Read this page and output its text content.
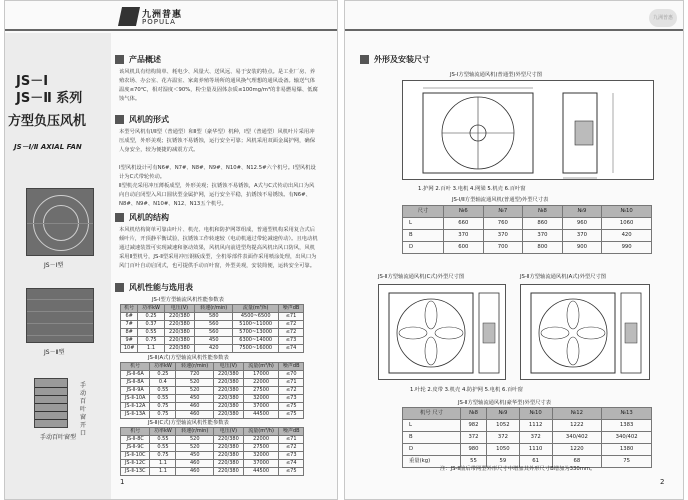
九洲普惠
POPULA
JS－Ⅰ
JS－Ⅱ 系列
方型负压风机
JS－Ⅰ/Ⅱ AXIAL FAN
JS－Ⅰ型
JS－Ⅱ型
手动百叶窗开口
手动百叶窗型
产品概述
该风机具有结构简单、耗电少、风量大、送风远、易于安装的特点。是工业厂房、养殖农场、办公室、花卉温室、家禽养殖等场所的通风换气理想的通风设备。输送气体温度≤70℃，相对湿度＜90%，粉尘量及固体杂质≤100mg/m³的非易燃易爆、低腐蚀气体。
风机的形式
本型号风机有Ⅰ/Ⅱ型（普通型）和Ⅱ型（豪华型）机种，Ⅰ型（普通型）风机叶片采用冲压成型，外形美观；抗锈蚀不易锈蚀，运行安全可靠；风机采用双面金属护网，确保人身安全，较为便捷的减震方式。
Ⅰ型风机设计可有N6#、N7#、N8#、N9#、N10#、N12.5#六个机号。Ⅰ型风机设计为C式带轮传动。
Ⅱ型机壳采用冲压薄板成型，外形美观；抗锈蚀不易锈蚀，A式与C式传动出风口为风向自动启闭型入风口圆状型金属护网，运行安全平稳，抗锈蚀不易锈蚀。有N6#、N8#、N9#、N10#、N12、N13五个机号。
风机的结构
本风机结构简单可靠由叶片、机壳、电机和防护网罩组成，普通型机构采用复合式后倾叶片，开顶静平衡试验，抗锈蚀工作转速较（电动机通过带轮减速传动）。且电动机通过减速装置可实现减速和驱动效果，风机风向前进型均提高风机出风口防风，风机采用Ⅱ型机号，JS-Ⅱ型采用冲压钢板成型，全机零部件表面作采用喷涂处理，出风口为风门百叶自动启闭式，也可提供手动百叶窗，外型美观，安装简便，运转安全可靠。
风机性能与选用表
JS-Ⅰ型方型轴流风机性能参数表
机号	功率kW	电压(V)	转速(r/min)	流量(m³/h)	噪声dB
6#	0.25	220/380	580	4500~6500	≤71
7#	0.37	220/380	560	5100~11000	≤72
8#	0.55	220/380	560	5700~13000	≤72
9#	0.75	220/380	450	6300~14000	≤73
10#	1.1	220/380	420	7500~16000	≤74
JS-Ⅱ(A式)方型轴流风机性能参数表
机号	功率kW	转速(r/min)	电压(V)	流量(m³/h)	噪声dB
JS-Ⅱ-6A	0.25	720	220/380	17000	≤70
JS-Ⅱ-8A	0.4	520	220/380	22000	≤71
JS-Ⅱ-9A	0.55	520	220/380	27500	≤72
JS-Ⅱ-10A	0.55	450	220/380	32000	≤73
JS-Ⅱ-12A	0.75	460	220/380	37000	≤75
JS-Ⅱ-13A	0.75	460	220/380	44500	≤75
JS-Ⅱ(C式)方型轴流风机性能参数表
机号	功率kW	转速(r/min)	电压(V)	流量(m³/h)	噪声dB
JS-Ⅱ-8C	0.55	520	220/380	22000	≤71
JS-Ⅱ-9C	0.55	520	220/380	27500	≤72
JS-Ⅱ-10C	0.75	450	220/380	32000	≤73
JS-Ⅱ-12C	1.1	460	220/380	37000	≤74
JS-Ⅱ-13C	1.1	460	220/380	44500	≤75
1
九洲普惠
外形及安装尺寸
JS-Ⅰ方型轴流通风机(普通型)外型尺寸图
1.护网 2.百叶 3.电机 4.网梁 5.机壳 6.百叶窗
JS-Ⅰ/Ⅱ方型轴流通风机(普通型)外型尺寸表
尺寸	№6	№7	№8	№9	№10
L	660	760	860	960	1060
B	370	370	370	370	420
D	600	700	800	900	990
JS-Ⅱ方型轴流通风机(C式)外型尺寸图	JS-Ⅱ方型轴流通风机(A式)外型尺寸图
1.叶轮 2.皮带 3.机壳 4.防护网 5.电机 6.百叶窗
JS-Ⅱ方型轴流通风机(豪华型)外型尺寸表
机号 尺寸	№8	№9	№10	№12	№13
L	982	1052	1112	1222	1383
B	372	372	372	340/402	340/402
D	980	1050	1110	1220	1380
重量(kg)	55	59	61	68	75
注：JS-Ⅱ前后带网型外形尺寸中增加其外形尺寸B增加为330mm。
2
